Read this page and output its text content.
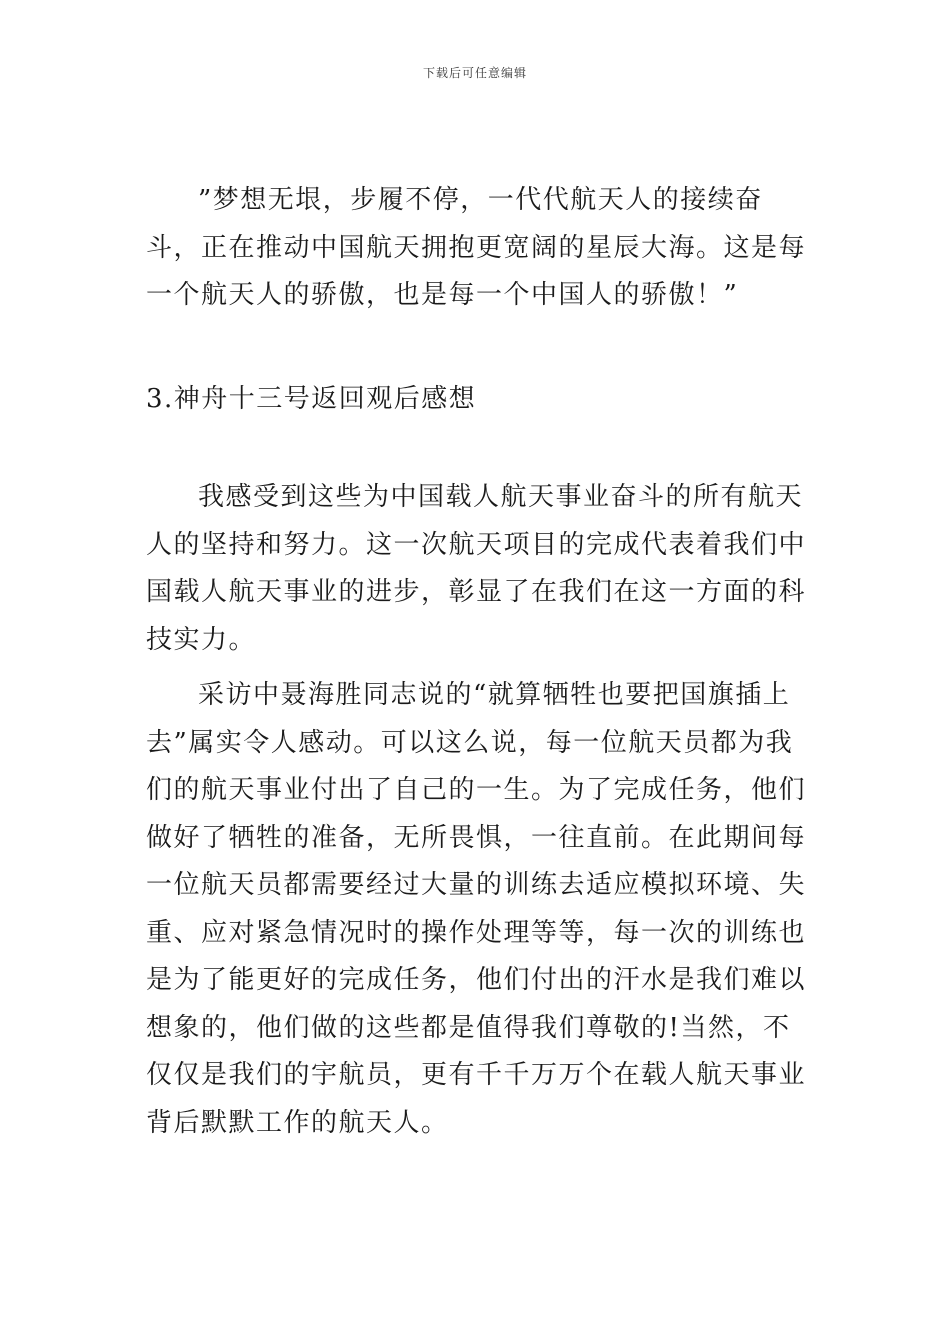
下载后可任意编辑

”梦想无垠，步履不停，一代代航天人的接续奋斗，正在推动中国航天拥抱更宽阔的星辰大海。这是每一个航天人的骄傲，也是每一个中国人的骄傲！”

3.神舟十三号返回观后感想

我感受到这些为中国载人航天事业奋斗的所有航天人的坚持和努力。这一次航天项目的完成代表着我们中国载人航天事业的进步，彰显了在我们在这一方面的科技实力。

采访中聂海胜同志说的“就算牺牲也要把国旗插上去”属实令人感动。可以这么说，每一位航天员都为我们的航天事业付出了自己的一生。为了完成任务，他们做好了牺牲的准备，无所畏惧，一往直前。在此期间每一位航天员都需要经过大量的训练去适应模拟环境、失重、应对紧急情况时的操作处理等等，每一次的训练也是为了能更好的完成任务，他们付出的汗水是我们难以想象的，他们做的这些都是值得我们尊敬的!当然，不仅仅是我们的宇航员，更有千千万万个在载人航天事业背后默默工作的航天人。
